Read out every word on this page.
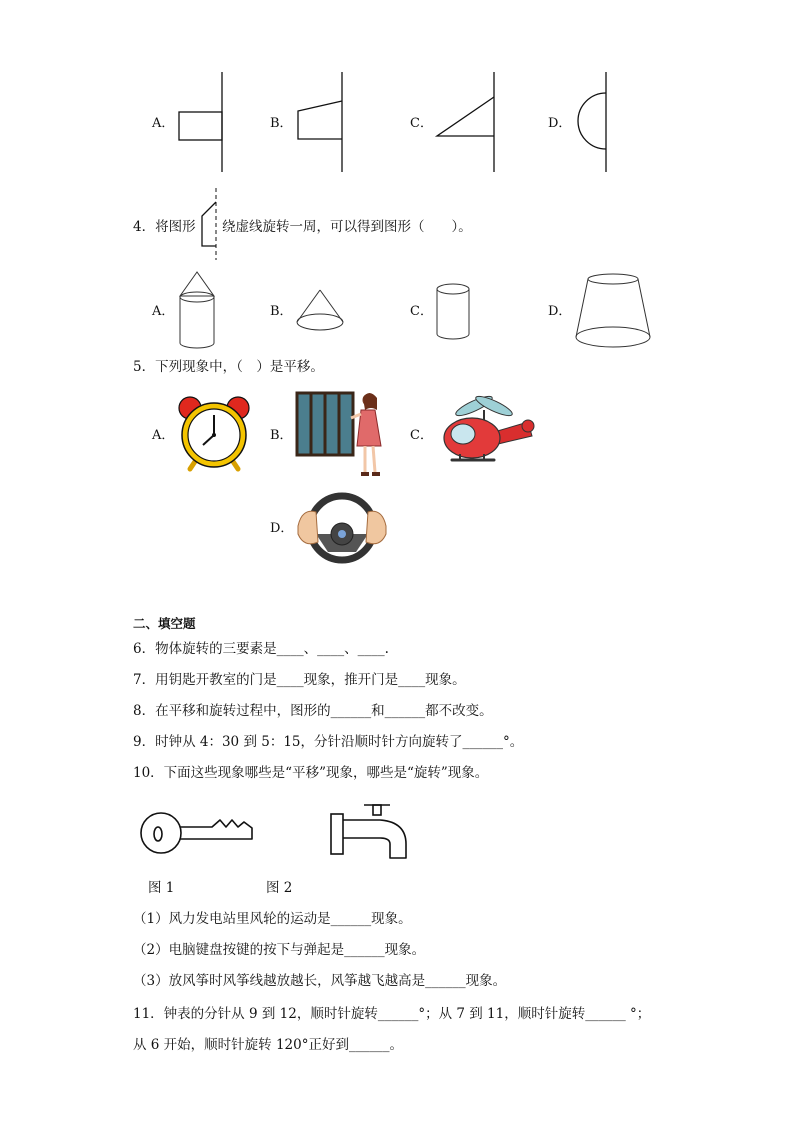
A．	B．	C．	D．
4．将图形 绕虚线旋转一周，可以得到图形（　　）。
A．	B．	C．	D．
5．下列现象中，（　）是平移。
A．	B．	C．
D．
二、填空题
6．物体旋转的三要素是____、____、____.
7．用钥匙开教室的门是____现象，推开门是____现象。
8．在平移和旋转过程中，图形的______和______都不改变。
9．时钟从 4：30 到 5：15，分针沿顺时针方向旋转了______°。
10．下面这些现象哪些是“平移”现象，哪些是“旋转”现象。
图 1	图 2
（1）风力发电站里风轮的运动是______现象。
（2）电脑键盘按键的按下与弹起是______现象。
（3）放风筝时风筝线越放越长，风筝越飞越高是______现象。
11．钟表的分针从 9 到 12，顺时针旋转______°；从 7 到 11，顺时针旋转______ °；
从 6 开始，顺时针旋转 120°正好到______。
